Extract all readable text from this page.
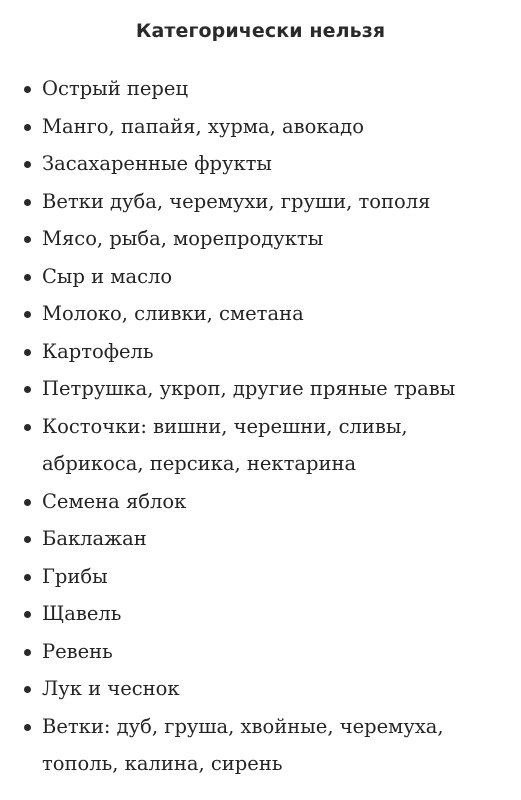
Категорически нельзя
Острый перец
Манго, папайя, хурма, авокадо
Засахаренные фрукты
Ветки дуба, черемухи, груши, тополя
Мясо, рыба, морепродукты
Сыр и масло
Молоко, сливки, сметана
Картофель
Петрушка, укроп, другие пряные травы
Косточки: вишни, черешни, сливы, абрикоса, персика, нектарина
Семена яблок
Баклажан
Грибы
Щавель
Ревень
Лук и чеснок
Ветки: дуб, груша, хвойные, черемуха, тополь, калина, сирень
